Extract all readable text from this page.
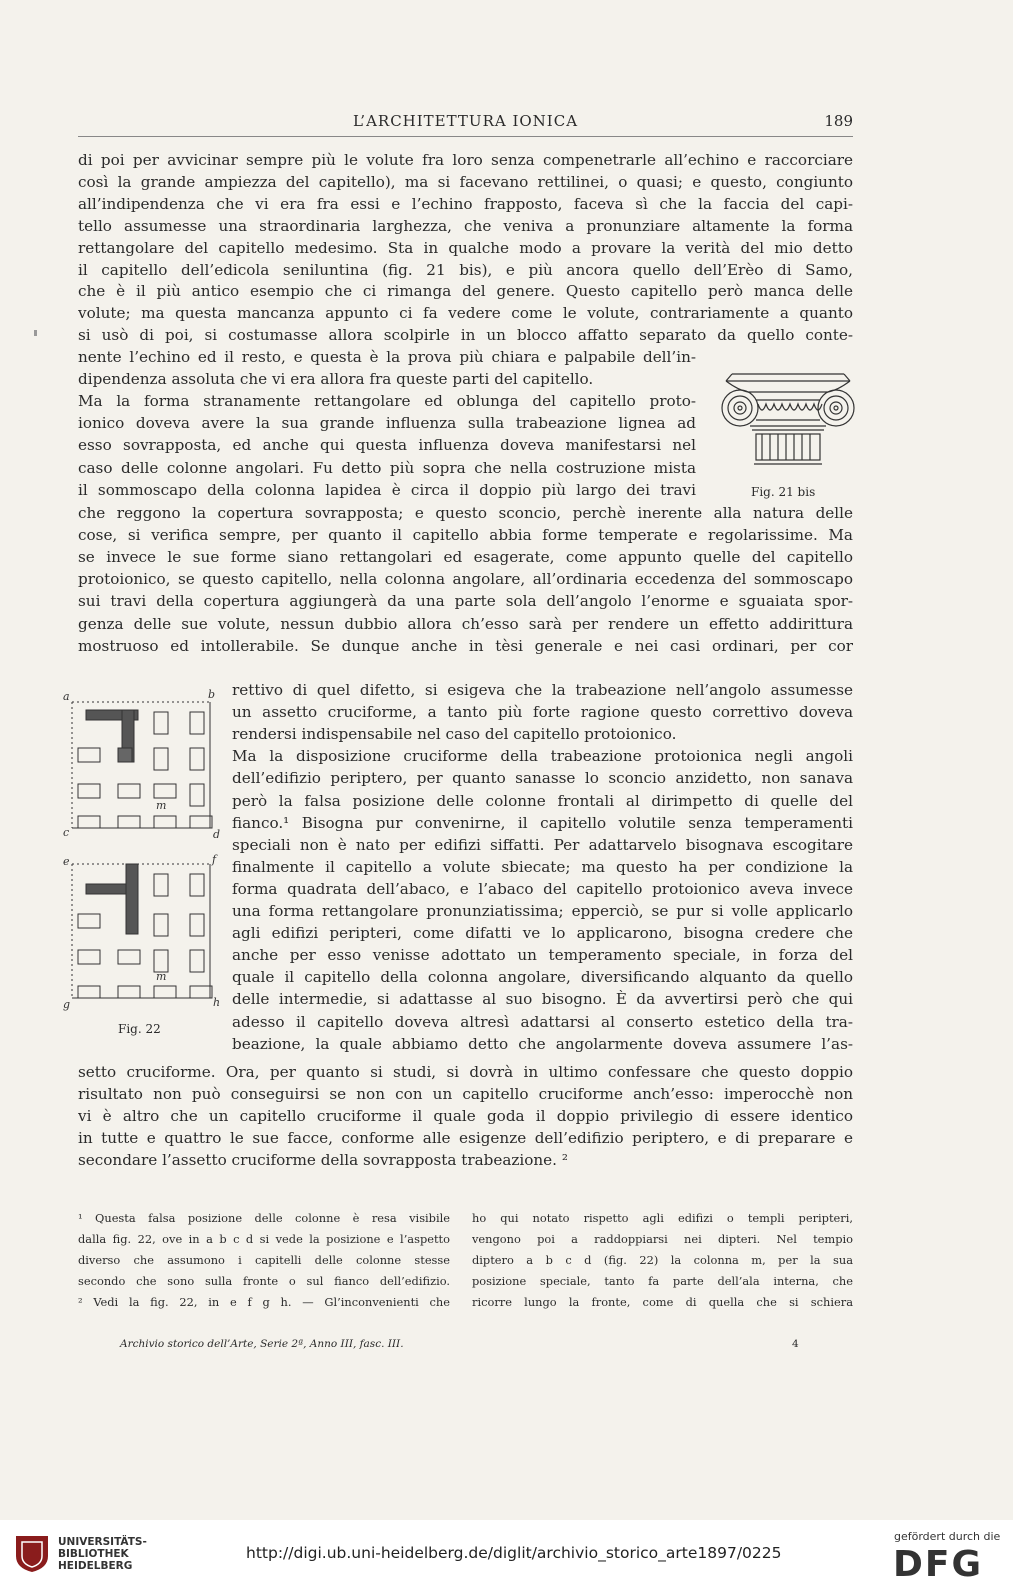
L’ARCHITETTURA IONICA	189
di poi per avvicinar sempre più le volute fra loro senza compenetrarle all’echino e raccorciare
così la grande ampiezza del capitello), ma si facevano rettilinei, o quasi; e questo, congiunto
all’indipendenza che vi era fra essi e l’echino frapposto, faceva sì che la faccia del capi-
tello assumesse una straordinaria larghezza, che veniva a pronunziare altamente la forma
rettangolare del capitello medesimo. Sta in qualche modo a provare la verità del mio detto
il capitello dell’edicola seniluntina (fig. 21 bis), e più ancora quello dell’Erèo di Samo,
che è il più antico esempio che ci rimanga del genere. Questo capitello però manca delle
volute; ma questa mancanza appunto ci fa vedere come le volute, contrariamente a quanto
si usò di poi, si costumasse allora scolpirle in un blocco affatto separato da quello conte-
nente l’echino ed il resto, e questa è la prova più chiara e palpabile dell’in-
dipendenza assoluta che vi era allora fra queste parti del capitello.
Ma la forma stranamente rettangolare ed oblunga del capitello proto-
ionico doveva avere la sua grande influenza sulla trabeazione lignea ad
esso sovrapposta, ed anche qui questa influenza doveva manifestarsi nel
caso delle colonne angolari. Fu detto più sopra che nella costruzione mista
il sommoscapo della colonna lapidea è circa il doppio più largo dei travi
che reggono la copertura sovrapposta; e questo sconcio, perchè inerente alla natura delle
cose, si verifica sempre, per quanto il capitello abbia forme temperate e regolarissime. Ma
se invece le sue forme siano rettangolari ed esagerate, come appunto quelle del capitello
protoionico, se questo capitello, nella colonna angolare, all’ordinaria eccedenza del sommoscapo
sui travi della copertura aggiungerà da una parte sola dell’angolo l’enorme e sguaiata spor-
genza delle sue volute, nessun dubbio allora ch’esso sarà per rendere un effetto addirittura
mostruoso ed intollerabile. Se dunque anche in tèsi generale e nei casi ordinari, per cor
rettivo di quel difetto, si esigeva che la trabeazione nell’angolo assumesse
un assetto cruciforme, a tanto più forte ragione questo correttivo doveva
rendersi indispensabile nel caso del capitello protoionico.
Ma la disposizione cruciforme della trabeazione protoionica negli angoli
dell’edifizio periptero, per quanto sanasse lo sconcio anzidetto, non sanava
però la falsa posizione delle colonne frontali al dirimpetto di quelle del
fianco.¹ Bisogna pur convenirne, il capitello volutile senza temperamenti
speciali non è nato per edifizi siffatti. Per adattarvelo bisognava escogitare
finalmente il capitello a volute sbiecate; ma questo ha per condizione la
forma quadrata dell’abaco, e l’abaco del capitello protoionico aveva invece
una forma rettangolare pronunziatissima; epperciò, se pur si volle applicarlo
agli edifizi peripteri, come difatti ve lo applicarono, bisogna credere che
anche per esso venisse adottato un temperamento speciale, in forza del
quale il capitello della colonna angolare, diversificando alquanto da quello
delle intermedie, si adattasse al suo bisogno. È da avvertirsi però che qui
adesso il capitello doveva altresì adattarsi al conserto estetico della tra-
beazione, la quale abbiamo detto che angolarmente doveva assumere l’as-
setto cruciforme. Ora, per quanto si studi, si dovrà in ultimo confessare che questo doppio
risultato non può conseguirsi se non con un capitello cruciforme anch’esso: imperocchè non
vi è altro che un capitello cruciforme il quale goda il doppio privilegio di essere identico
in tutte e quattro le sue facce, conforme alle esigenze dell’edifizio periptero, e di preparare e
secondare l’assetto cruciforme della sovrapposta trabeazione. ²
Fig. 21 bis
a	b
c	d
m
e	f
g	h
m
Fig. 22
¹ Questa falsa posizione delle colonne è resa visibile
dalla fig. 22, ove in a b c d si vede la posizione e l’aspetto
diverso che assumono i capitelli delle colonne stesse
secondo che sono sulla fronte o sul fianco dell’edifizio.
² Vedi la fig. 22, in e f g h. — Gl’inconvenienti che
ho qui notato rispetto agli edifizi o templi peripteri,
vengono poi a raddoppiarsi nei dipteri. Nel tempio
diptero a b c d (fig. 22) la colonna m, per la sua
posizione speciale, tanto fa parte dell’ala interna, che
ricorre lungo la fronte, come di quella che si schiera
Archivio storico dell’Arte, Serie 2ª, Anno III, fasc. III.	4
UNIVERSITÄTS-
BIBLIOTHEK
HEIDELBERG
http://digi.ub.uni-heidelberg.de/diglit/archivio_storico_arte1897/0225
gefördert durch die
DFG
